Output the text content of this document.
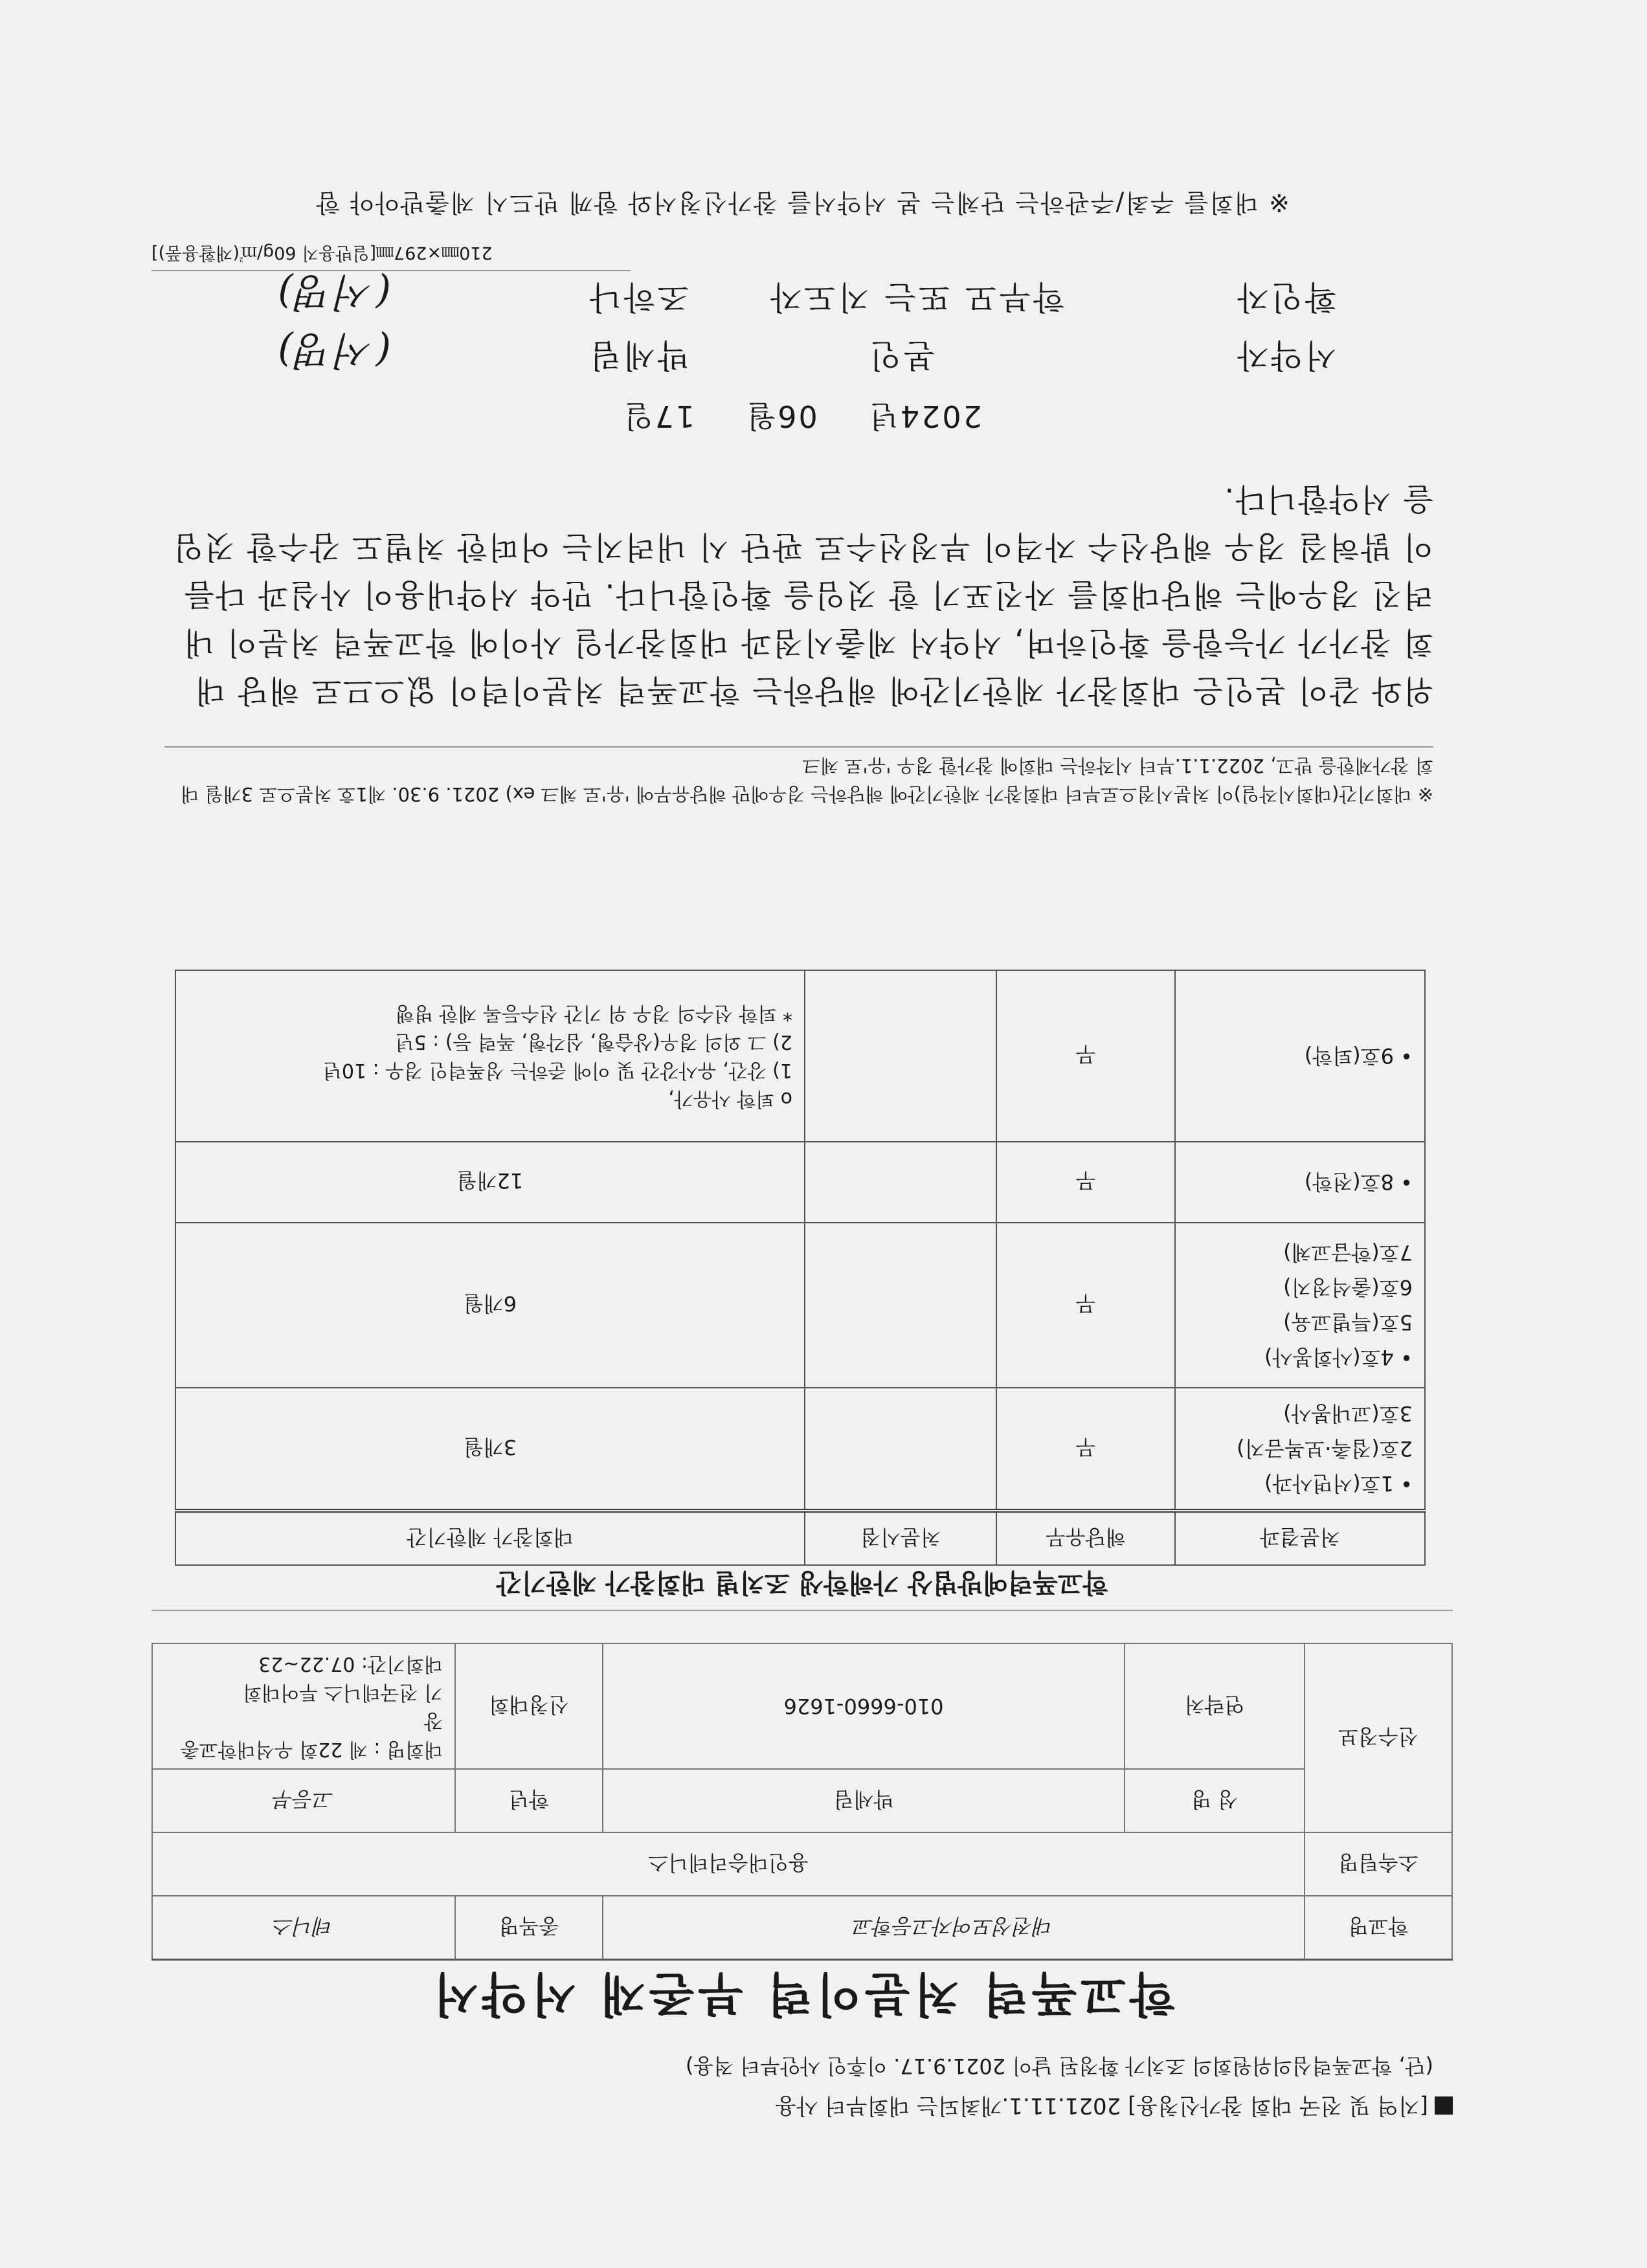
[지역 및 전국 대회 참가신청용] 2021.11.1.개최되는 대회부터 사용
(단, 학교폭력심의위원회의 조치가 확정된 날이 2021.9.17. 이후인 사안부터 적용)
학교폭력 처분이력 부존재 서약서
학교명	대전성모여자고등학교		종목명	테니스
소속팀명	용인대승리테니스			
선수정보	성 명	박세림	학년	고등부
	연락처	010-6660-1626	신청대회	대회명 : 제 22회 우석대학교총장
기 전국테니스 투어대회
대회기간: 07.22~23
학교폭력예방법상 가해학생 조치별 대회참가 제한기간
처분결과	해당유무	처분시점	대회참가 제한기간

• 1호(서면사과)
2호(접촉·보복금지)
3호(교내봉사)	무		3개월

• 4호(사회봉사)
5호(특별교육)
6호(출석정지)
7호(학급교체)	무		6개월

• 8호(전학)	무		12개월

• 9호(퇴학)	무		o 퇴학 사유가,
1) 강간, 유사강간 및 이에 준하는 성폭력인 경우 : 10년
2) 그 외의 경우(상습형, 심각형, 폭력 등) : 5년
* 퇴학 선수의 경우 위 기간 선수등록 제한 병행
※ 대회기간(대회시작일)이 처분시점으로부터 대회참가 제한기간에 해당하는 경우에만 해당유무에 '유'로 체크 ex) 2021. 9.30. 제1호 처분으로 3개월 대회 참가제한을 받고, 2022.1.1.부터 시작하는 대회에 참가할 경우 '유'로 체크
위와 같이 본인은 대회참가 제한기간에 해당하는 학교폭력 처분이력이 없으므로 해당 대회 참가가 가능함을 확인하며, 서약서 제출시점과 대회참가일 사이에 학교폭력 처분이 내려진 경우에는 해당대회를 자진포기 할 것임을 확인합니다. 만약 서약내용이 사실과 다름이 밝혀질 경우 해당선수 자격이 부정선수로 판단 시 내려지는 어떠한 처벌도 감수할 것임을 서약합니다.
2024년 06월 17일
서약자
본인
박세림
(서명)
확인자
학부모 또는 지도자
조하나
(서명)
210㎜×297㎜[일반용지 60g/㎡(재활용품)]
※ 대회를 주최/주관하는 단체는 본 서약서를 참가신청서와 함께 반드시 제출받아야 함
